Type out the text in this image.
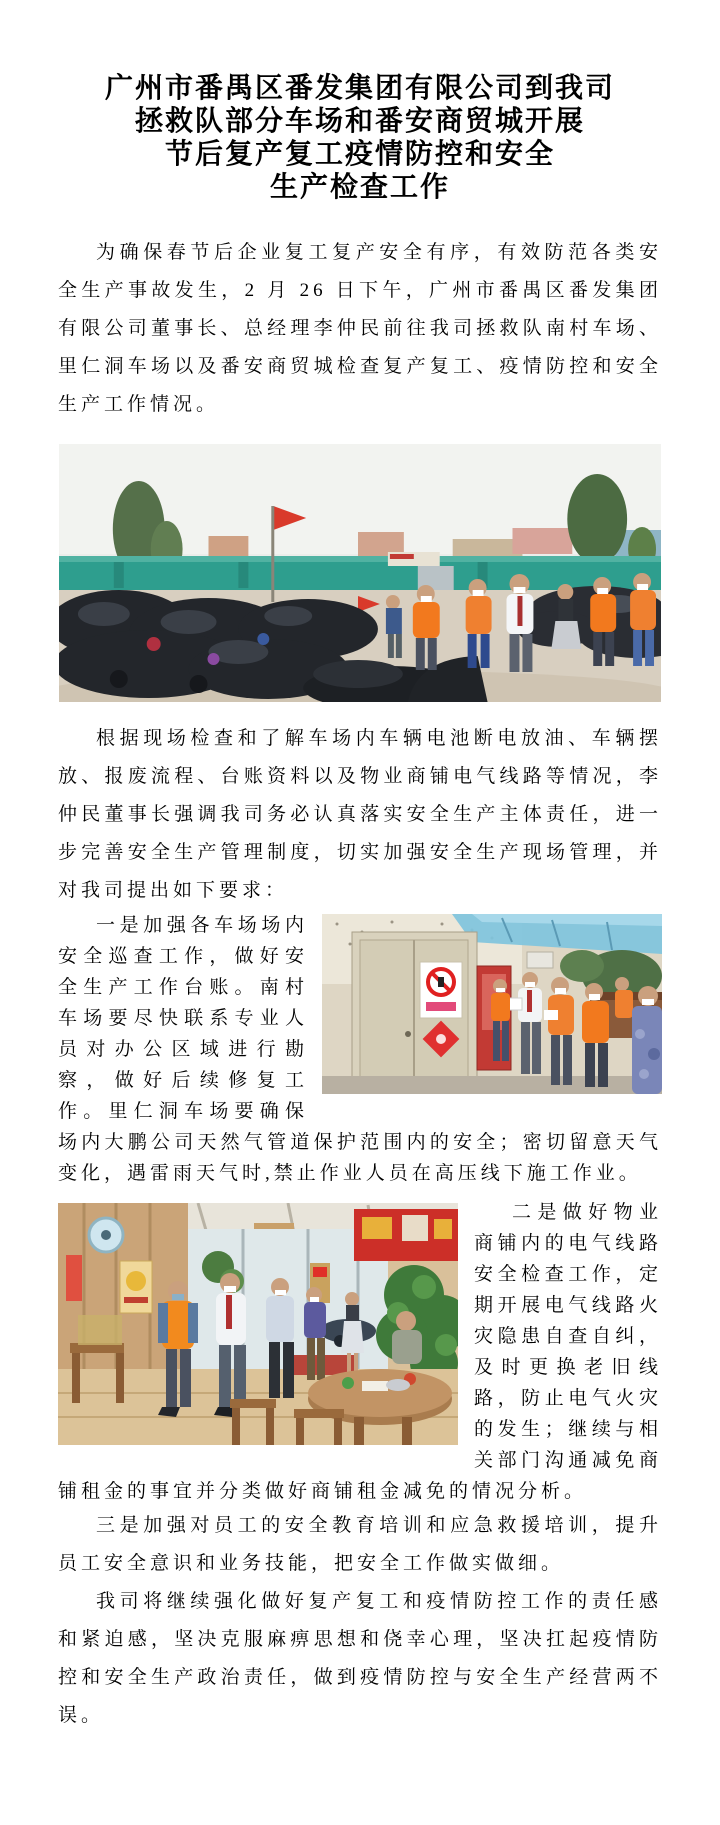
广州市番禺区番发集团有限公司到我司
拯救队部分车场和番安商贸城开展
节后复产复工疫情防控和安全
生产检查工作

为确保春节后企业复工复产安全有序，有效防范各类安全生产事故发生，2 月 26 日下午，广州市番禺区番发集团有限公司董事长、总经理李仲民前往我司拯救队南村车场、里仁洞车场以及番安商贸城检查复产复工、疫情防控和安全生产工作情况。

根据现场检查和了解车场内车辆电池断电放油、车辆摆放、报废流程、台账资料以及物业商铺电气线路等情况，李仲民董事长强调我司务必认真落实安全生产主体责任，进一步完善安全生产管理制度，切实加强安全生产现场管理，并对我司提出如下要求：

一是加强各车场场内安全巡查工作，做好安全生产工作台账。南村车场要尽快联系专业人员对办公区域进行勘察，做好后续修复工作。里仁洞车场要确保场内大鹏公司天然气管道保护范围内的安全；密切留意天气变化，遇雷雨天气时,禁止作业人员在高压线下施工作业。
二是做好物业商铺内的电气线路安全检查工作，定期开展电气线路火灾隐患自查自纠，及时更换老旧线路，防止电气火灾的发生；继续与相关部门沟通减免商铺租金的事宜并分类做好商铺租金减免的情况分析。

三是加强对员工的安全教育培训和应急救援培训，提升员工安全意识和业务技能，把安全工作做实做细。

我司将继续强化做好复产复工和疫情防控工作的责任感和紧迫感，坚决克服麻痹思想和侥幸心理，坚决扛起疫情防控和安全生产政治责任，做到疫情防控与安全生产经营两不误。
